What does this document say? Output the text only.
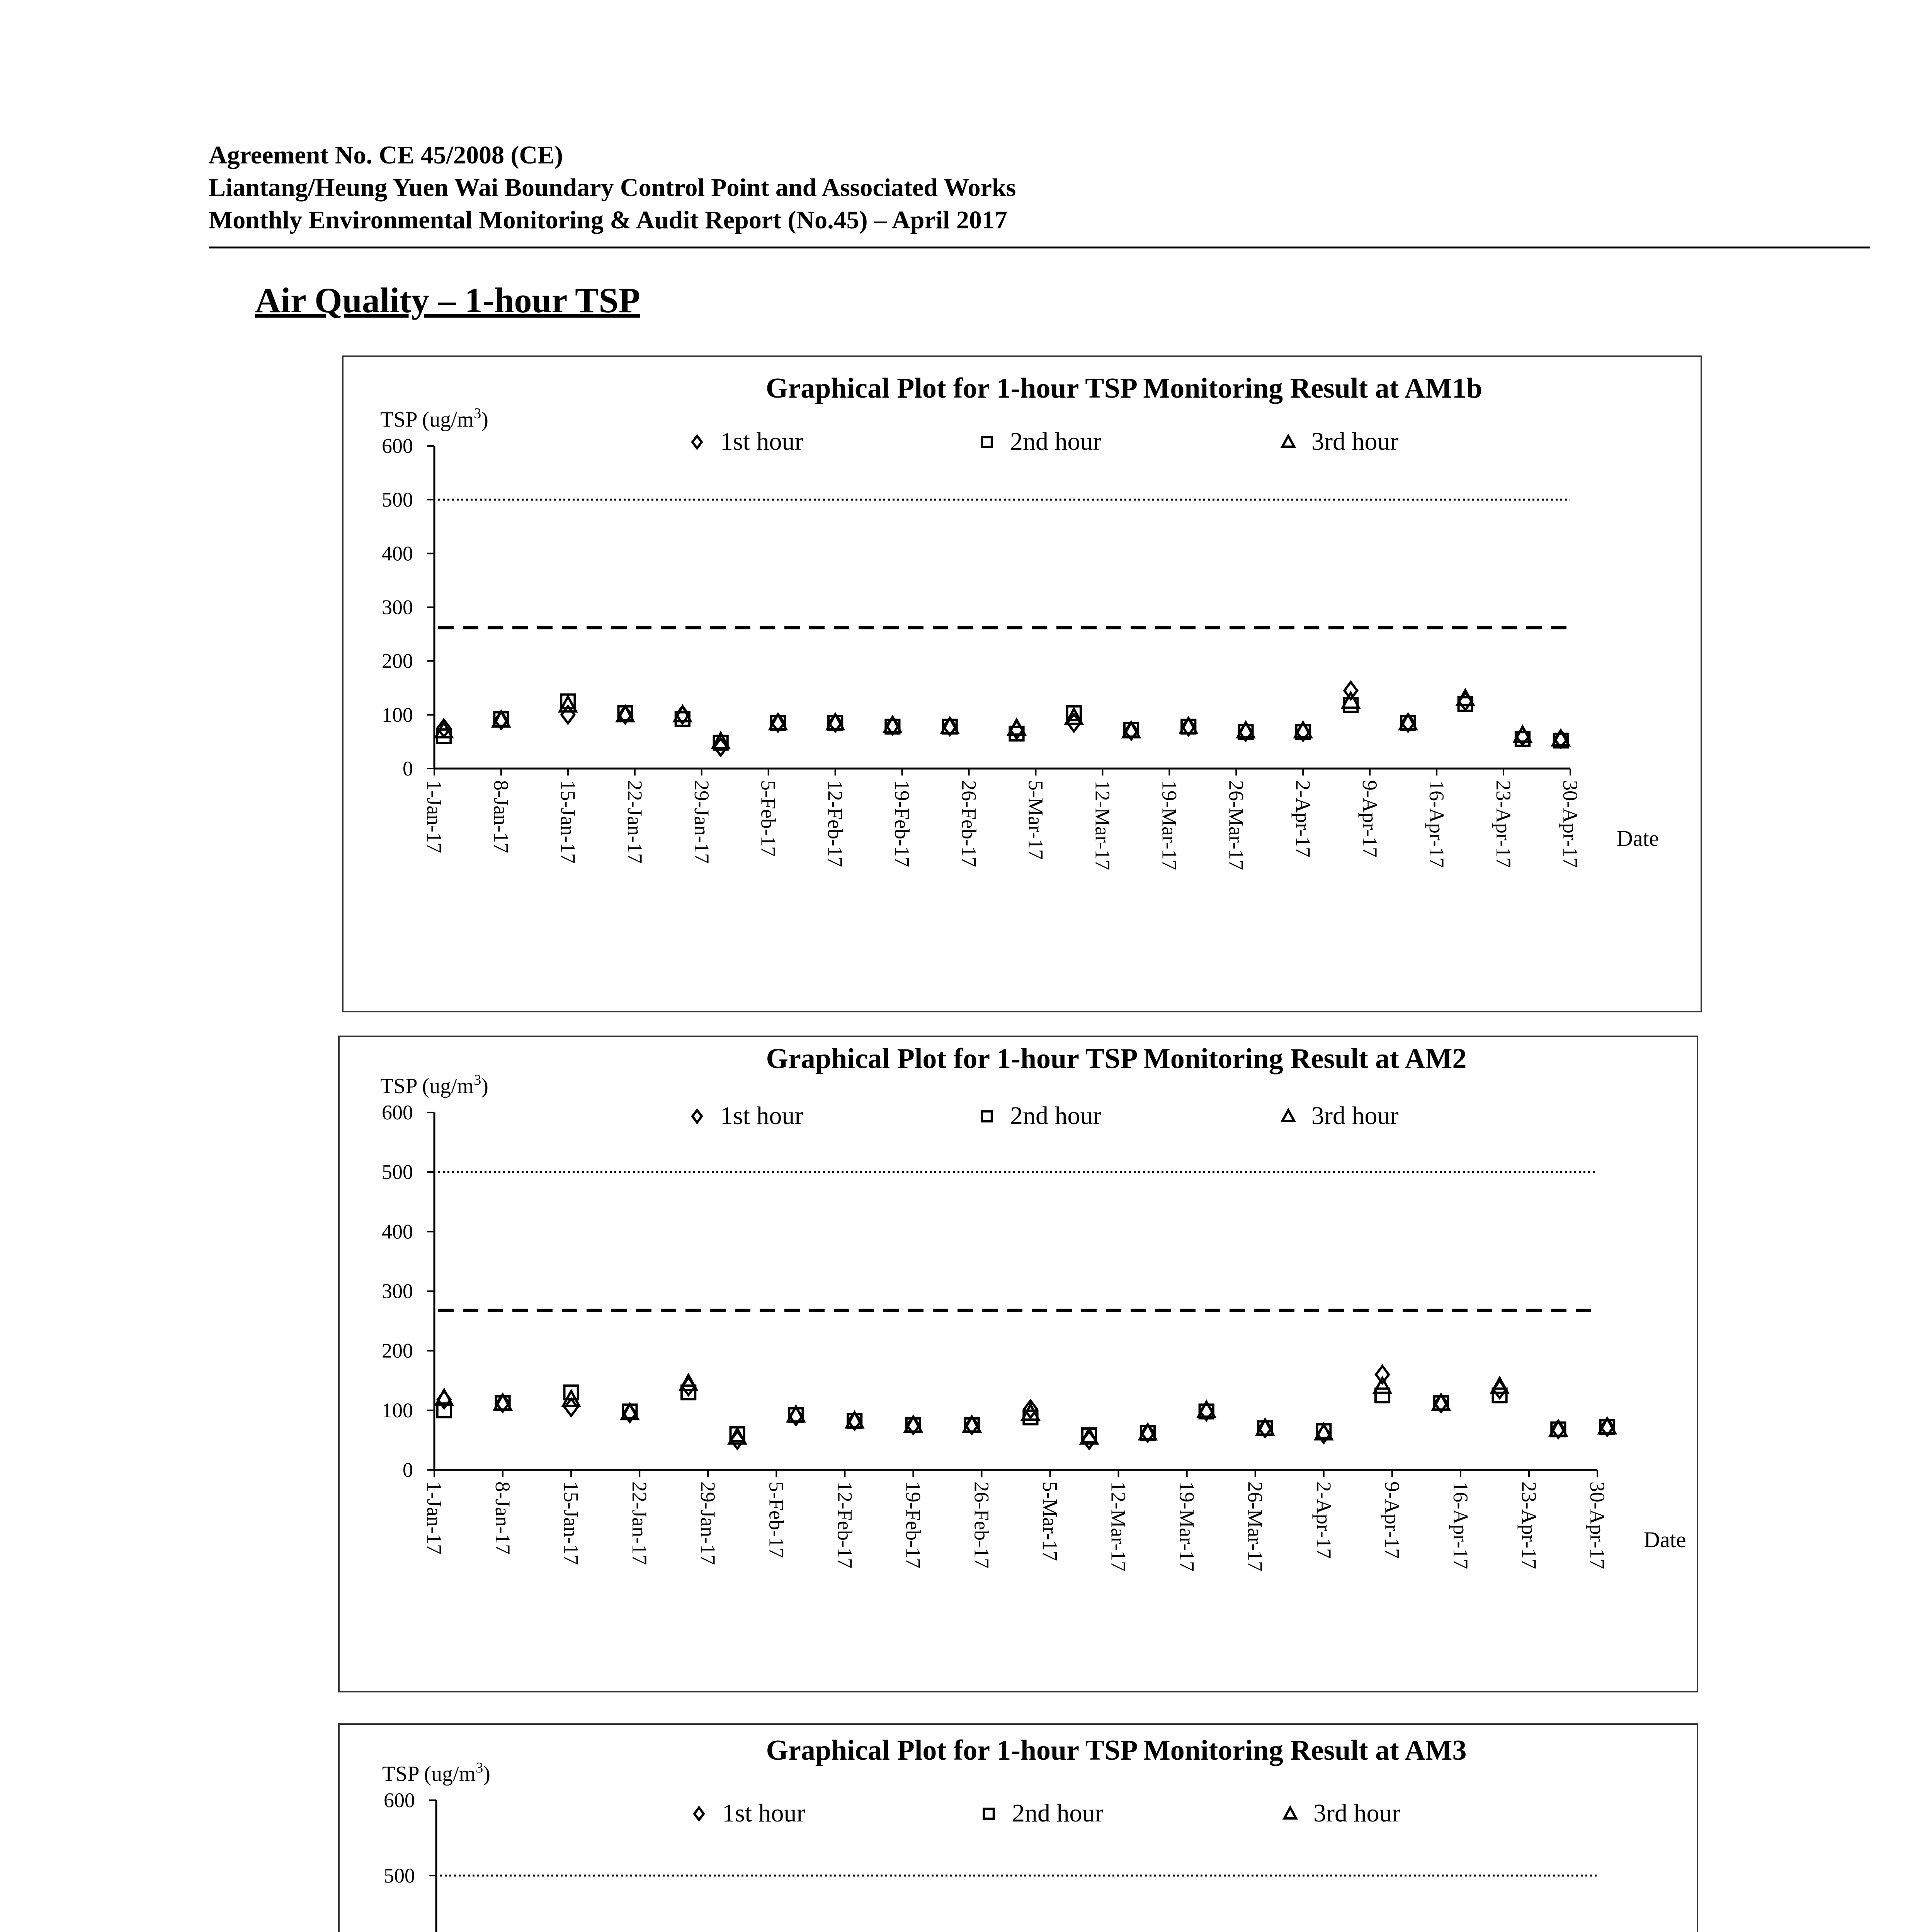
Agreement No. CE 45/2008 (CE)
Liantang/Heung Yuen Wai Boundary Control Point and Associated Works
Monthly Environmental Monitoring & Audit Report (No.45) – April 2017
Air Quality – 1-hour TSP
Graphical Plot for 1-hour TSP Monitoring Result at AM1b
TSP $(ug/m^3)$
1st hour	2nd hour	3rd hour
0
100
200
300
400
500
600
1-Jan-17 8-Jan-17 15-Jan-17 22-Jan-17 29-Jan-17 5-Feb-17 12-Feb-17 19-Feb-17 26-Feb-17 5-Mar-17 12-Mar-17 19-Mar-17 26-Mar-17 2-Apr-17 9-Apr-17 16-Apr-17 23-Apr-17 30-Apr-17 Date
Graphical Plot for 1-hour TSP Monitoring Result at AM2
TSP $(ug/m^3)$
1st hour	2nd hour	3rd hour
0
100
200
300
400
500
600
1-Jan-17 8-Jan-17 15-Jan-17 22-Jan-17 29-Jan-17 5-Feb-17 12-Feb-17 19-Feb-17 26-Feb-17 5-Mar-17 12-Mar-17 19-Mar-17 26-Mar-17 2-Apr-17 9-Apr-17 16-Apr-17 23-Apr-17 30-Apr-17 Date
Graphical Plot for 1-hour TSP Monitoring Result at AM3
TSP $(ug/m^3)$
1st hour	2nd hour	3rd hour
500
600
